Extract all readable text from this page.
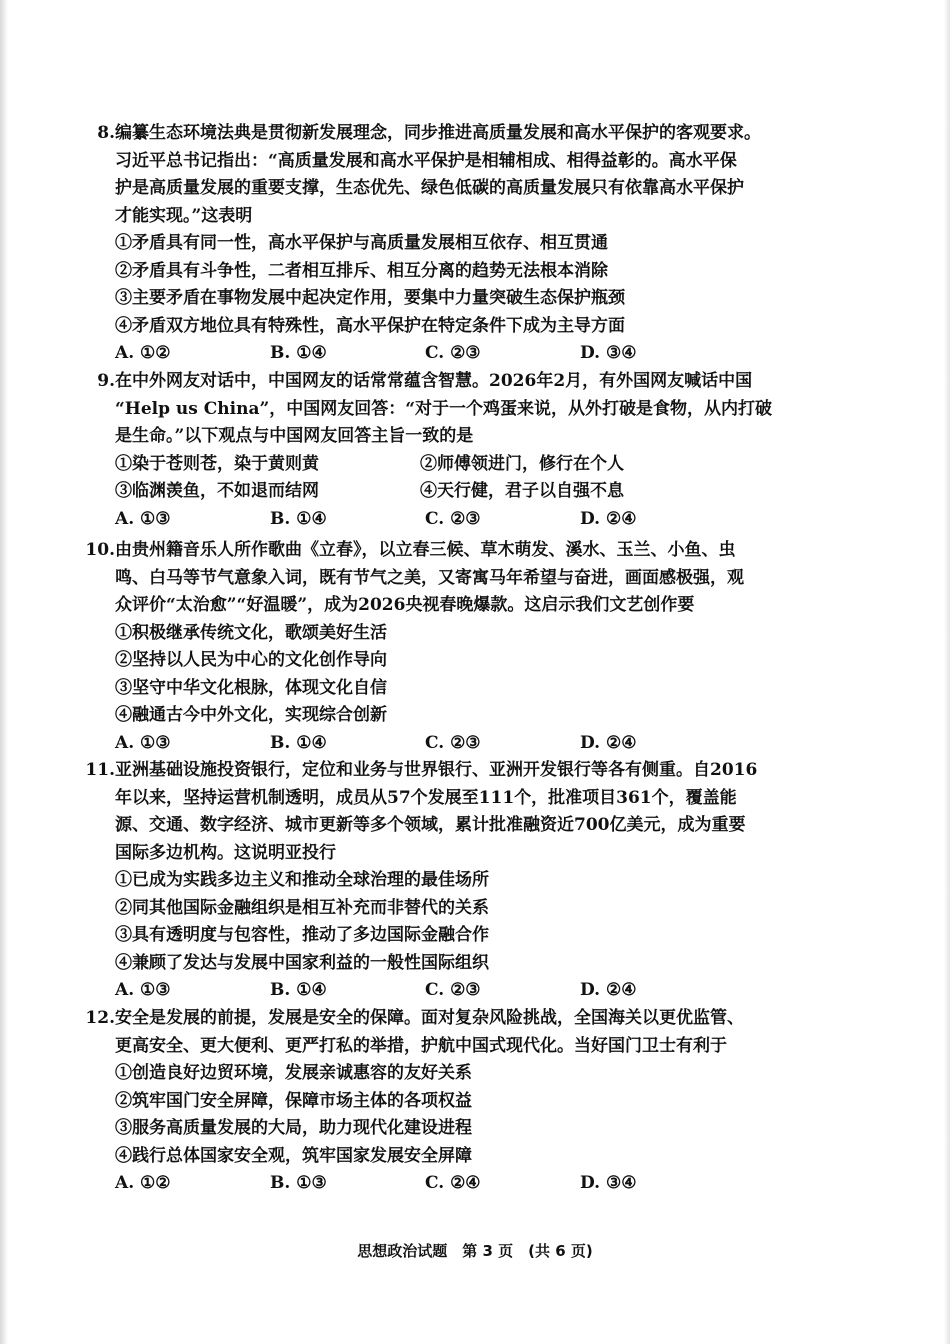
8.编纂生态环境法典是贯彻新发展理念，同步推进高质量发展和高水平保护的客观要求。
习近平总书记指出：“高质量发展和高水平保护是相辅相成、相得益彰的。高水平保
护是高质量发展的重要支撑，生态优先、绿色低碳的高质量发展只有依靠高水平保护
才能实现。”这表明
①矛盾具有同一性，高水平保护与高质量发展相互依存、相互贯通
②矛盾具有斗争性，二者相互排斥、相互分离的趋势无法根本消除
③主要矛盾在事物发展中起决定作用，要集中力量突破生态保护瓶颈
④矛盾双方地位具有特殊性，高水平保护在特定条件下成为主导方面
A. ①②	B. ①④	C. ②③	D. ③④
9.在中外网友对话中，中国网友的话常常蕴含智慧。2026年2月，有外国网友喊话中国
“Help us China”，中国网友回答：“对于一个鸡蛋来说，从外打破是食物，从内打破
是生命。”以下观点与中国网友回答主旨一致的是
①染于苍则苍，染于黄则黄	②师傅领进门，修行在个人
③临渊羡鱼，不如退而结网	④天行健，君子以自强不息
A. ①③	B. ①④	C. ②③	D. ②④
10.由贵州籍音乐人所作歌曲《立春》，以立春三候、草木萌发、溪水、玉兰、小鱼、虫
鸣、白马等节气意象入词，既有节气之美，又寄寓马年希望与奋进，画面感极强，观
众评价“太治愈”“好温暖”，成为2026央视春晚爆款。这启示我们文艺创作要
①积极继承传统文化，歌颂美好生活
②坚持以人民为中心的文化创作导向
③坚守中华文化根脉，体现文化自信
④融通古今中外文化，实现综合创新
A. ①③	B. ①④	C. ②③	D. ②④
11.亚洲基础设施投资银行，定位和业务与世界银行、亚洲开发银行等各有侧重。自2016
年以来，坚持运营机制透明，成员从57个发展至111个，批准项目361个，覆盖能
源、交通、数字经济、城市更新等多个领域，累计批准融资近700亿美元，成为重要
国际多边机构。这说明亚投行
①已成为实践多边主义和推动全球治理的最佳场所
②同其他国际金融组织是相互补充而非替代的关系
③具有透明度与包容性，推动了多边国际金融合作
④兼顾了发达与发展中国家利益的一般性国际组织
A. ①③	B. ①④	C. ②③	D. ②④
12.安全是发展的前提，发展是安全的保障。面对复杂风险挑战，全国海关以更优监管、
更高安全、更大便利、更严打私的举措，护航中国式现代化。当好国门卫士有利于
①创造良好边贸环境，发展亲诚惠容的友好关系
②筑牢国门安全屏障，保障市场主体的各项权益
③服务高质量发展的大局，助力现代化建设进程
④践行总体国家安全观，筑牢国家发展安全屏障
A. ①②	B. ①③	C. ②④	D. ③④
思想政治试题　第 3 页　(共 6 页)
